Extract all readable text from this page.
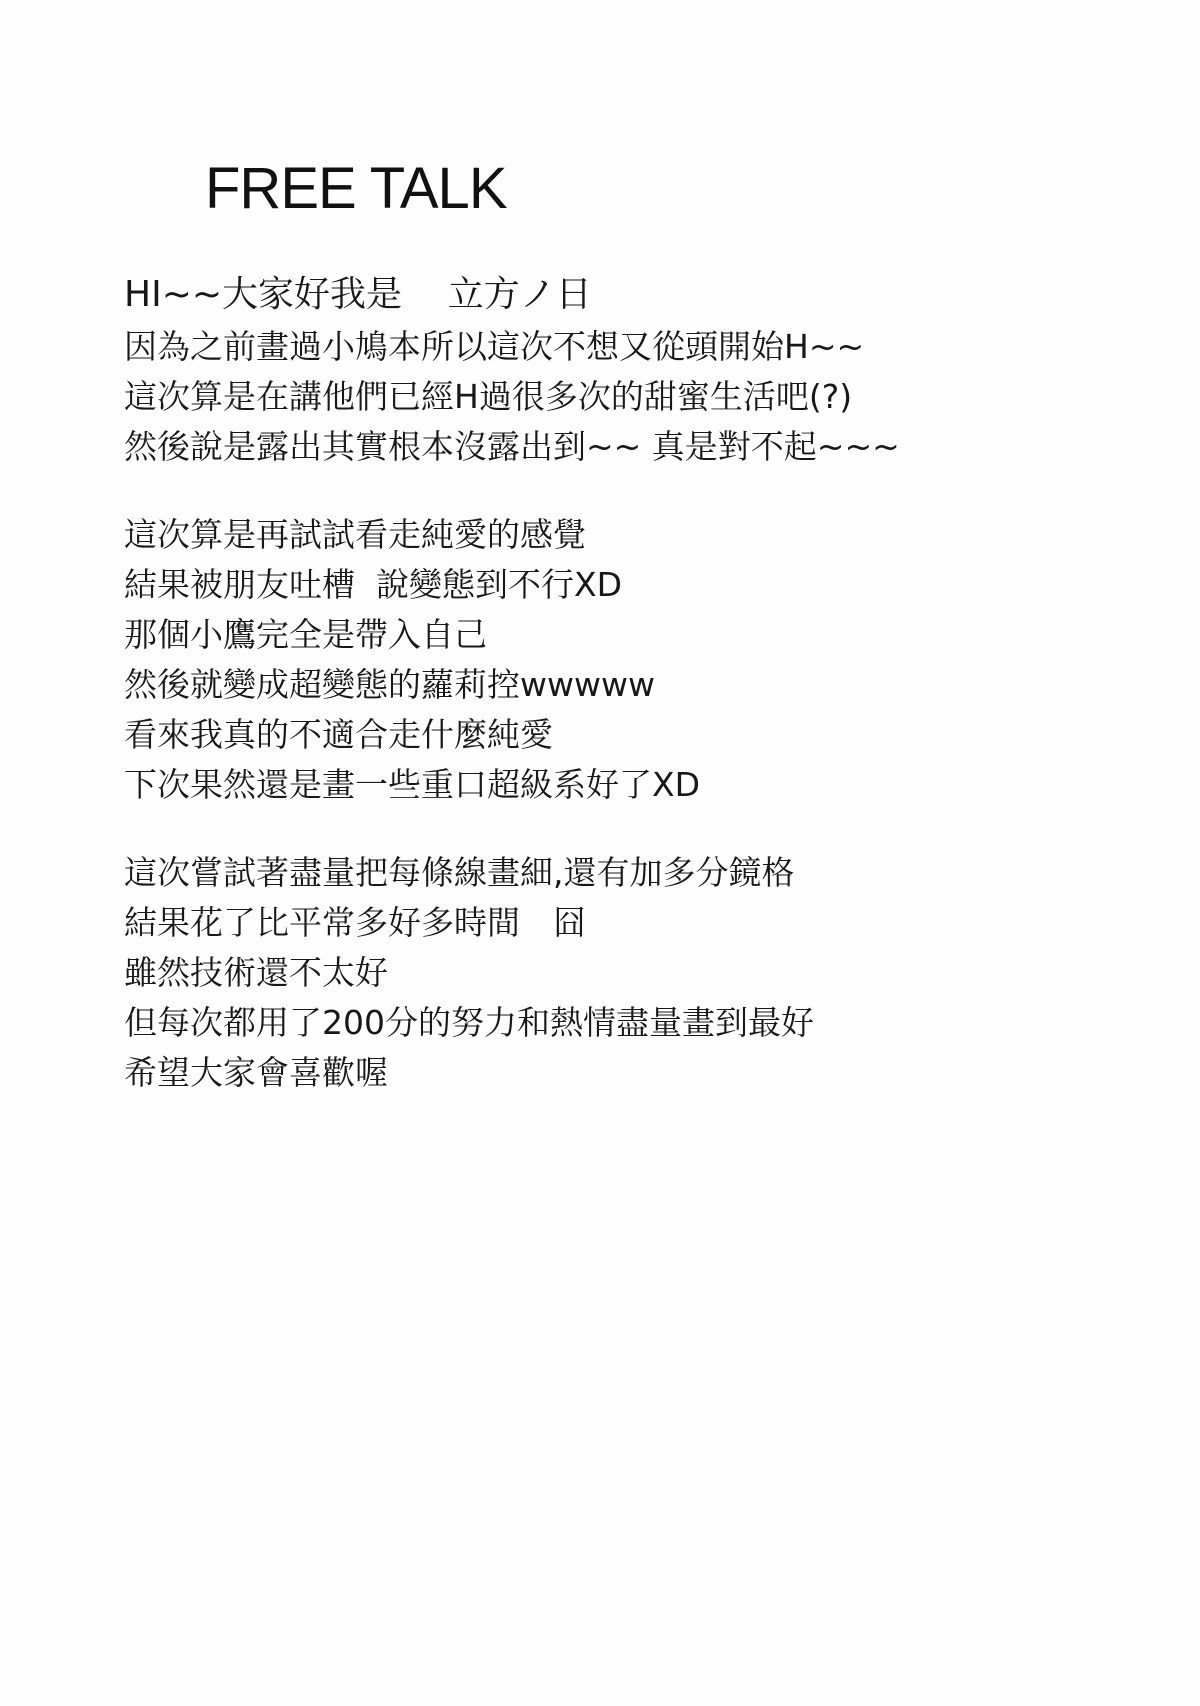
FREE TALK
HI~~大家好我是    立方ノ日
因為之前畫過小鳩本所以這次不想又從頭開始H~~
這次算是在講他們已經H過很多次的甜蜜生活吧(?)
然後說是露出其實根本沒露出到~~ 真是對不起~~~
這次算是再試試看走純愛的感覺
結果被朋友吐槽  說變態到不行XD
那個小鷹完全是帶入自己
然後就變成超變態的蘿莉控wwwww
看來我真的不適合走什麼純愛
下次果然還是畫一些重口超級系好了XD
這次嘗試著盡量把每條線畫細,還有加多分鏡格
結果花了比平常多好多時間　囧
雖然技術還不太好
但每次都用了200分的努力和熱情盡量畫到最好
希望大家會喜歡喔
